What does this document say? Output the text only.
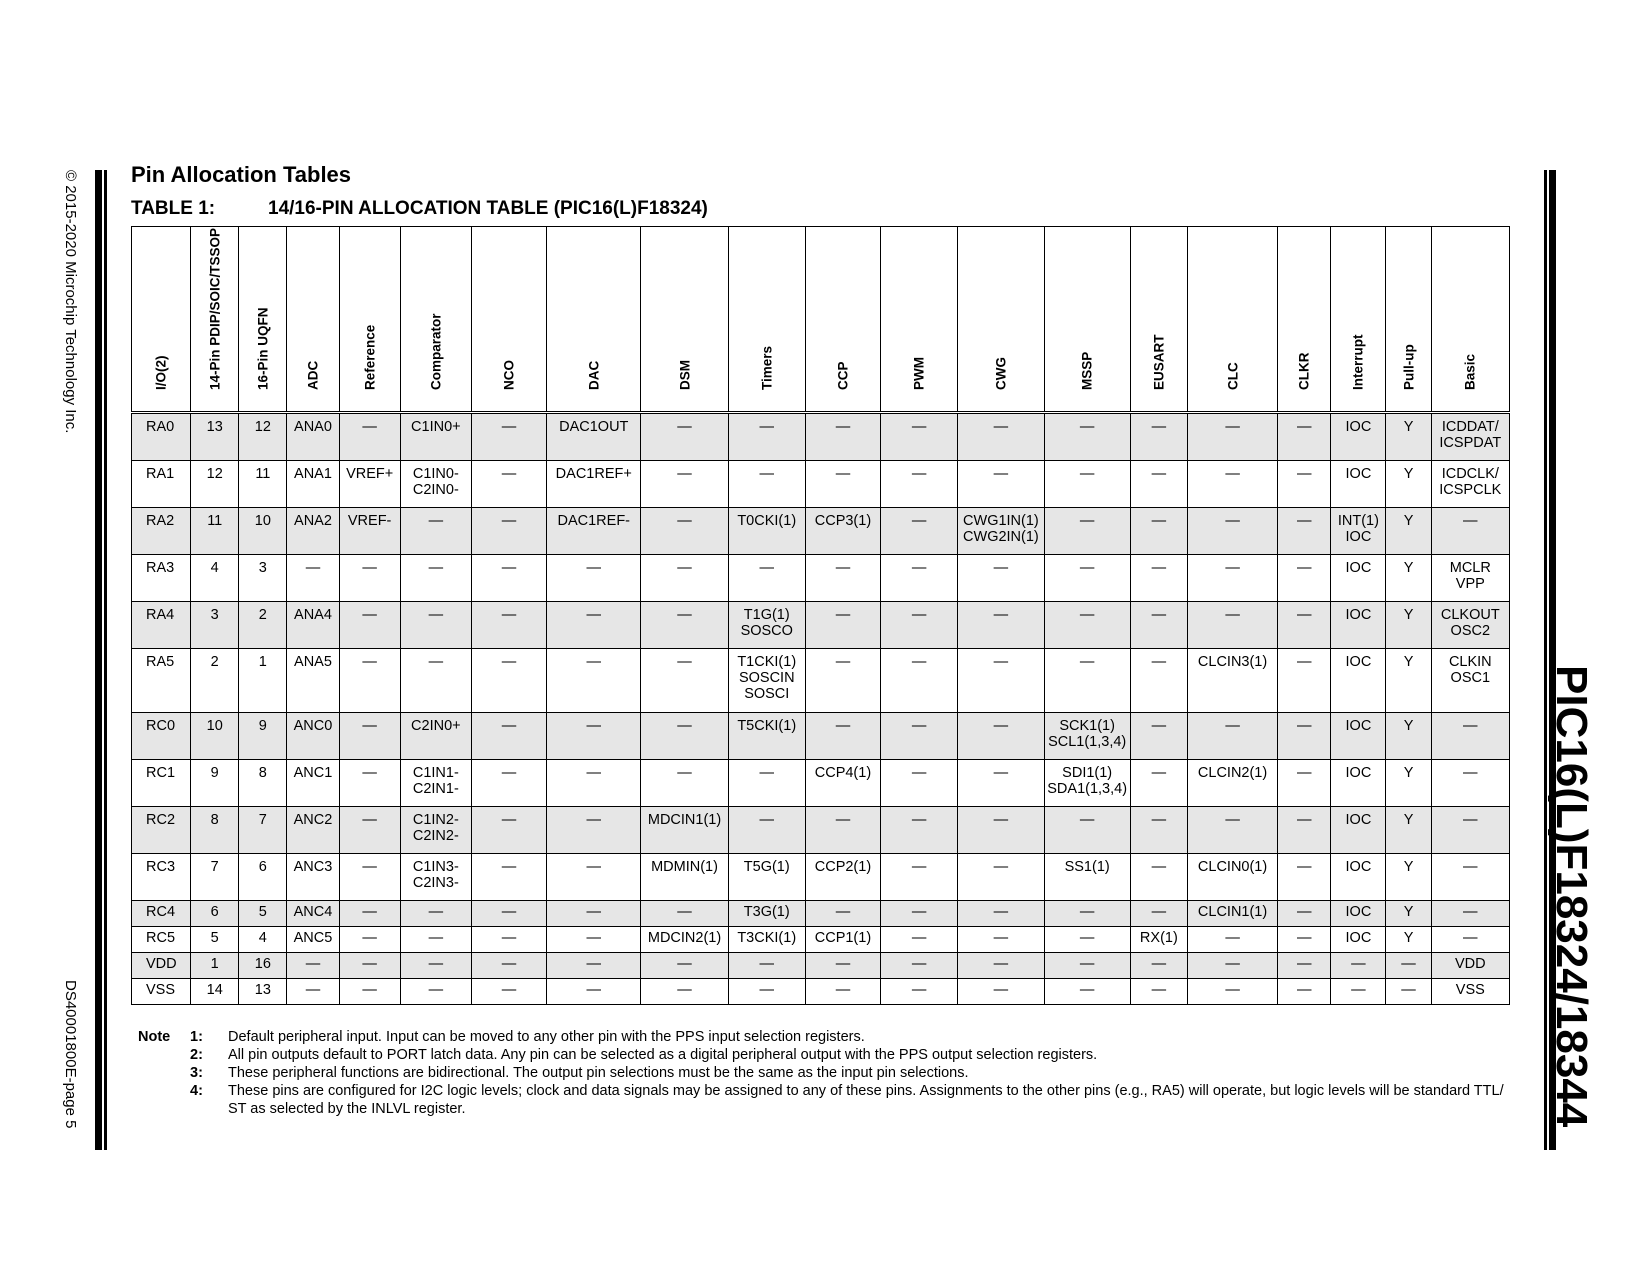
© 2015-2020 Microchip Technology Inc.
DS40001800E-page 5	PIC16(L)F18324/18344
Pin Allocation Tables
TABLE 1:	14/16-PIN ALLOCATION TABLE (PIC16(L)F18324)
I/O(2)	14-Pin PDIP/SOIC/TSSOP	16-Pin UQFN	ADC	Reference	Comparator	NCO	DAC	DSM	Timers	CCP	PWM	CWG	MSSP	EUSART	CLC	CLKR	Interrupt	Pull-up	Basic

RA0	13	12	ANA0	—	C1IN0+	—	DAC1OUT	—	—	—	—	—	—	—	—	—	IOC	Y	ICDDAT/
ICSPDAT
RA1	12	11	ANA1	VREF+	C1IN0-
C2IN0-	—	DAC1REF+	—	—	—	—	—	—	—	—	—	IOC	Y	ICDCLK/
ICSPCLK
RA2	11	10	ANA2	VREF-	—	—	DAC1REF-	—	T0CKI(1)	CCP3(1)	—	CWG1IN(1)
CWG2IN(1)	—	—	—	—	INT(1)
IOC	Y	—
RA3	4	3	—	—	—	—	—	—	—	—	—	—	—	—	—	—	IOC	Y	MCLR
VPP
RA4	3	2	ANA4	—	—	—	—	—	T1G(1)
SOSCO	—	—	—	—	—	—	—	IOC	Y	CLKOUT
OSC2
RA5	2	1	ANA5	—	—	—	—	—	T1CKI(1)
SOSCIN
SOSCI	—	—	—	—	—	CLCIN3(1)	—	IOC	Y	CLKIN
OSC1
RC0	10	9	ANC0	—	C2IN0+	—	—	—	T5CKI(1)	—	—	—	SCK1(1)
SCL1(1,3,4)	—	—	—	IOC	Y	—
RC1	9	8	ANC1	—	C1IN1-
C2IN1-	—	—	—	—	CCP4(1)	—	—	SDI1(1)
SDA1(1,3,4)	—	CLCIN2(1)	—	IOC	Y	—
RC2	8	7	ANC2	—	C1IN2-
C2IN2-	—	—	MDCIN1(1)	—	—	—	—	—	—	—	—	IOC	Y	—
RC3	7	6	ANC3	—	C1IN3-
C2IN3-	—	—	MDMIN(1)	T5G(1)	CCP2(1)	—	—	SS1(1)	—	CLCIN0(1)	—	IOC	Y	—
RC4	6	5	ANC4	—	—	—	—	—	T3G(1)	—	—	—	—	—	CLCIN1(1)	—	IOC	Y	—
RC5	5	4	ANC5	—	—	—	—	MDCIN2(1)	T3CKI(1)	CCP1(1)	—	—	—	RX(1)	—	—	IOC	Y	—
VDD	1	16	—	—	—	—	—	—	—	—	—	—	—	—	—	—	—	—	VDD
VSS	14	13	—	—	—	—	—	—	—	—	—	—	—	—	—	—	—	—	VSS
Note	1:	Default peripheral input. Input can be moved to any other pin with the PPS input selection registers.
2:	All pin outputs default to PORT latch data. Any pin can be selected as a digital peripheral output with the PPS output selection registers.
3:	These peripheral functions are bidirectional. The output pin selections must be the same as the input pin selections.
4:	These pins are configured for I2C logic levels; clock and data signals may be assigned to any of these pins. Assignments to the other pins (e.g., RA5) will operate, but logic levels will be standard TTL/ ST as selected by the INLVL register.
